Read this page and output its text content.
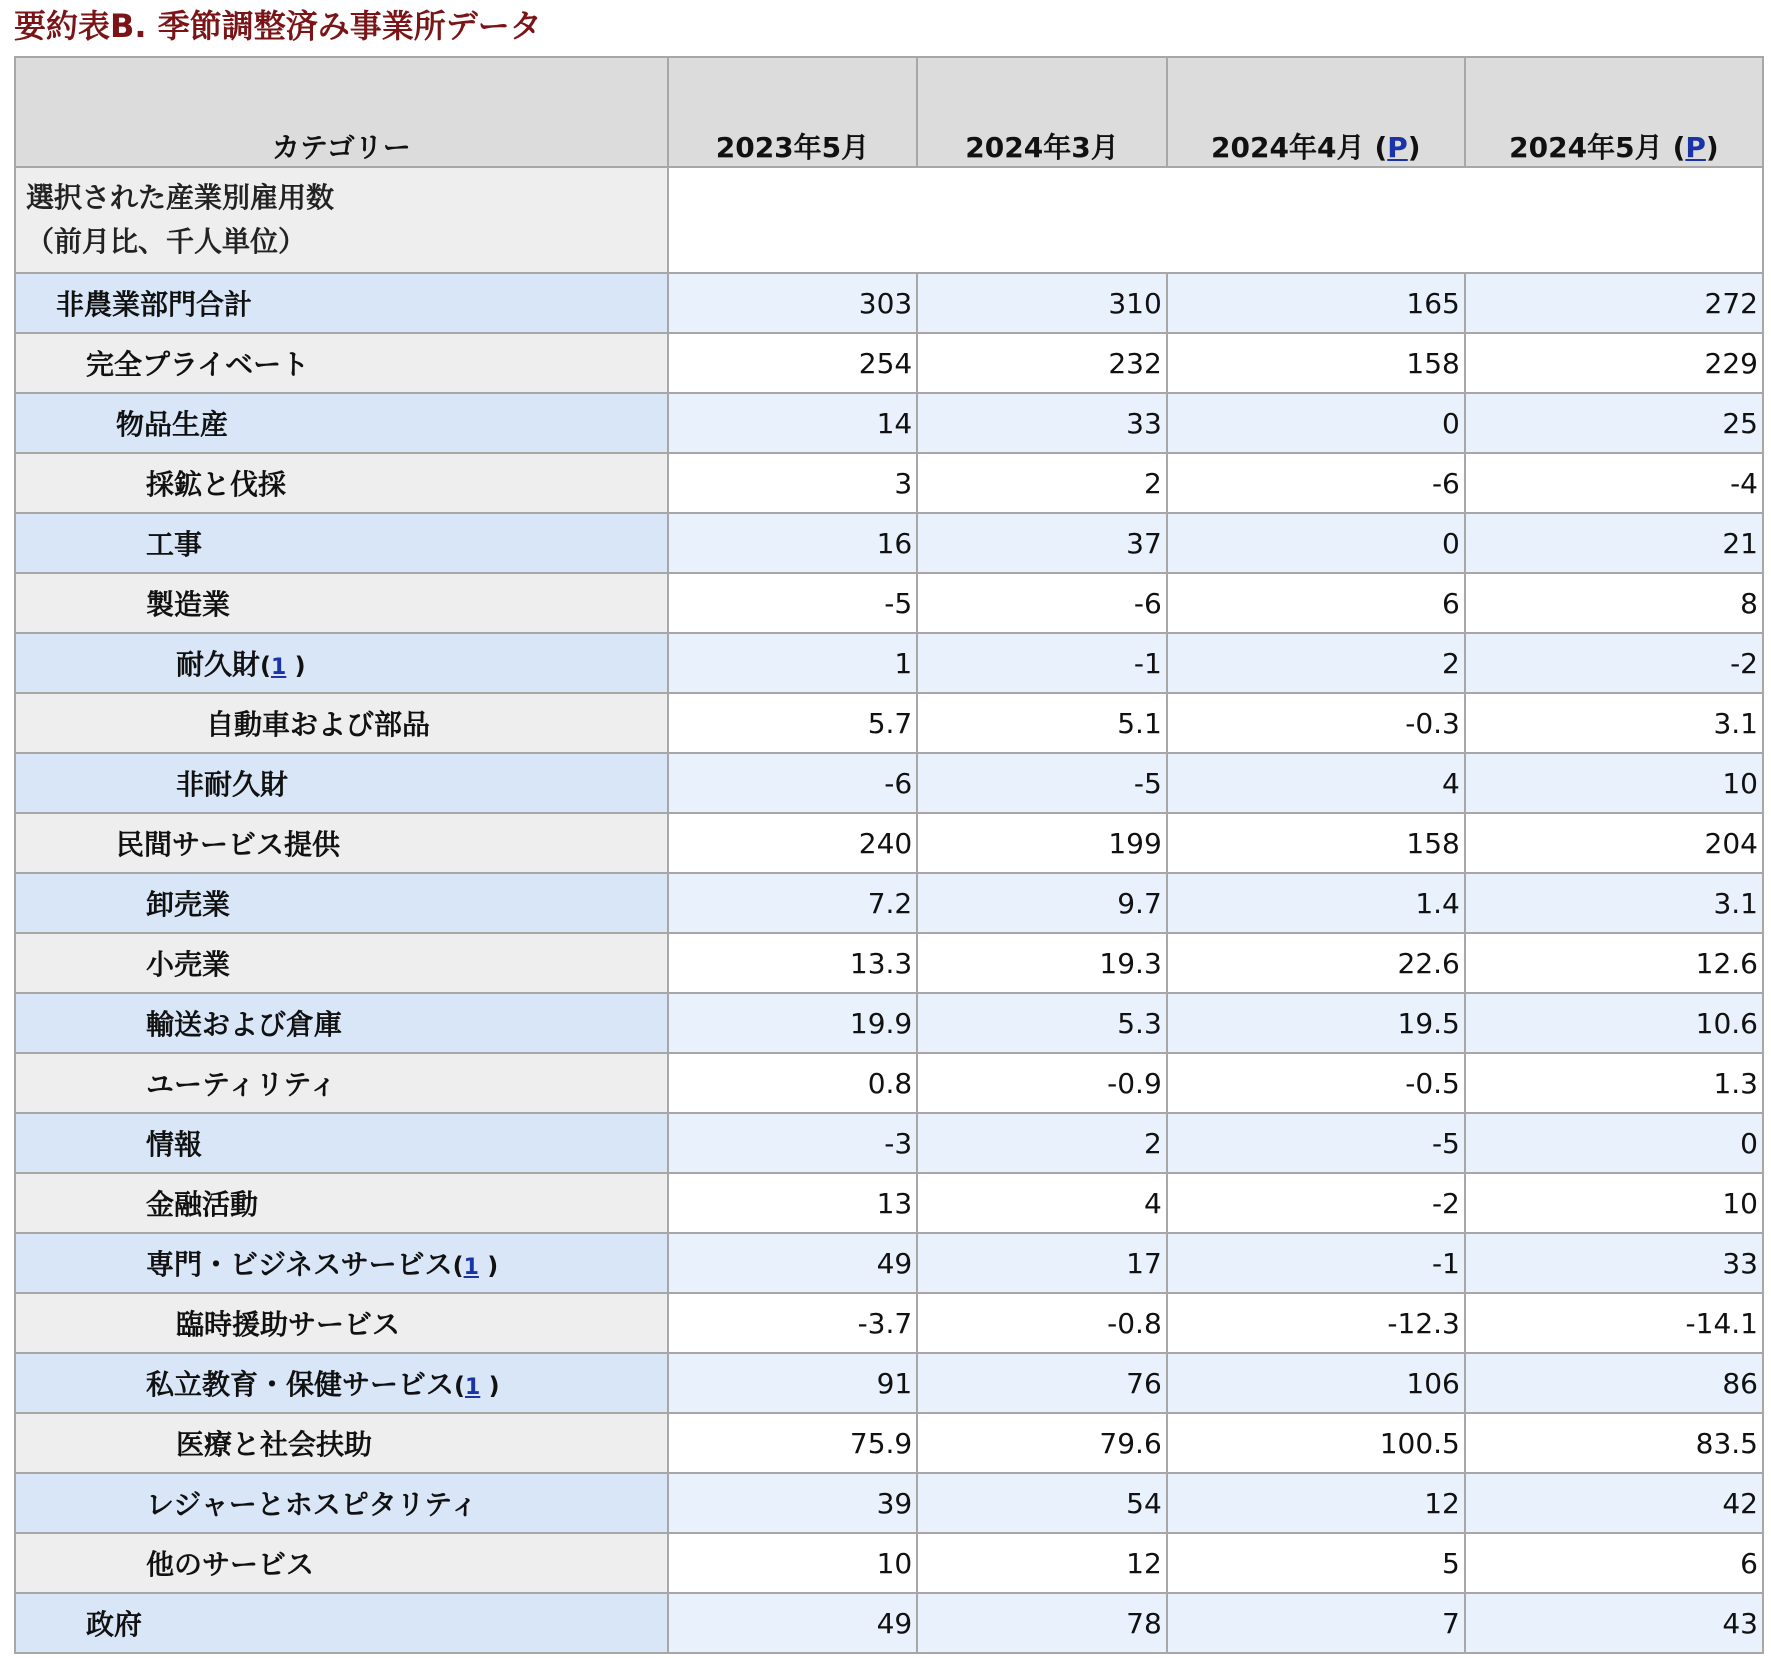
要約表B. 季節調整済み事業所データ
カテゴリー	2023年5月	2024年3月	2024年4月 (P)	2024年5月 (P)

選択された産業別雇用数
（前月比、千人単位）				

非農業部門合計	303	310	165	272
完全プライベート	254	232	158	229
物品生産	14	33	0	25
採鉱と伐採	3	2	-6	-4
工事	16	37	0	21
製造業	-5	-6	6	8
耐久財(1 )	1	-1	2	-2
自動車および部品	5.7	5.1	-0.3	3.1
非耐久財	-6	-5	4	10
民間サービス提供	240	199	158	204
卸売業	7.2	9.7	1.4	3.1
小売業	13.3	19.3	22.6	12.6
輸送および倉庫	19.9	5.3	19.5	10.6
ユーティリティ	0.8	-0.9	-0.5	1.3
情報	-3	2	-5	0
金融活動	13	4	-2	10
専門・ビジネスサービス(1 )	49	17	-1	33
臨時援助サービス	-3.7	-0.8	-12.3	-14.1
私立教育・保健サービス(1 )	91	76	106	86
医療と社会扶助	75.9	79.6	100.5	83.5
レジャーとホスピタリティ	39	54	12	42
他のサービス	10	12	5	6
政府	49	78	7	43
